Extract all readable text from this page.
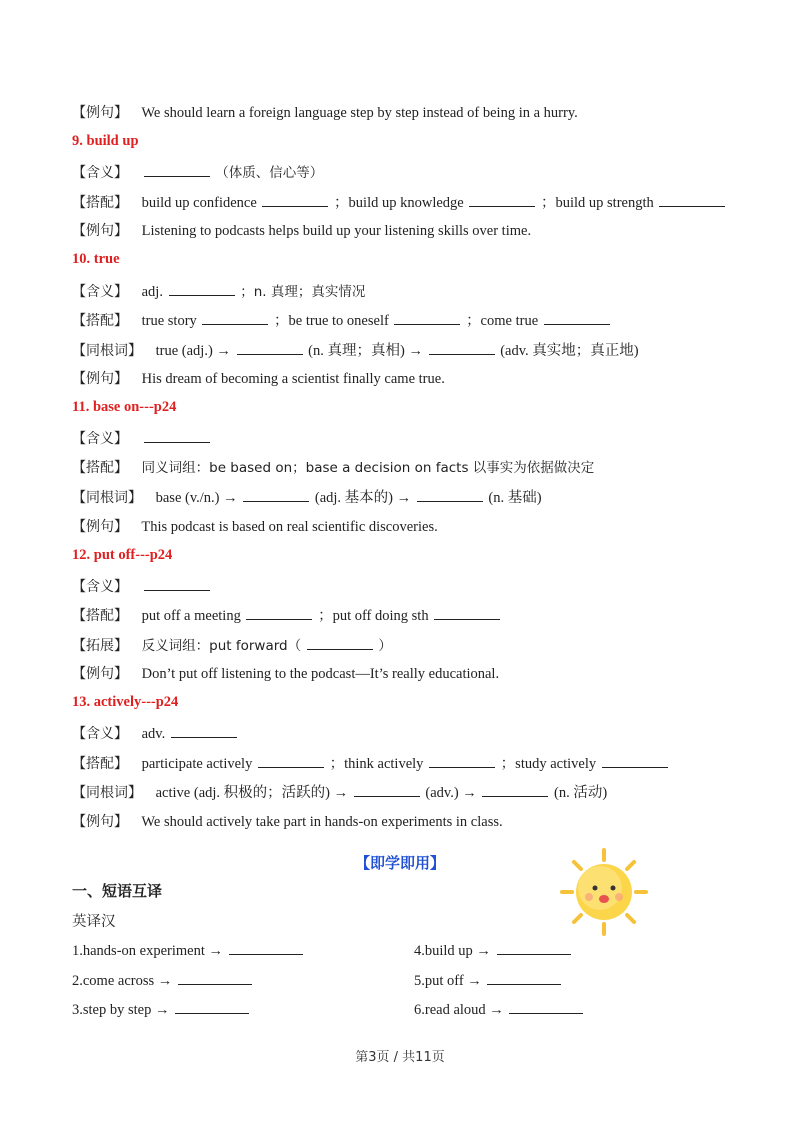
【例句】 We should learn a foreign language step by step instead of being in a hurry.
9. build up
【含义】	（体质、信心等）
【搭配】 build up confidence	；build up knowledge	；build up strength
【例句】 Listening to podcasts helps build up your listening skills over time.
10. true
【含义】 adj.	；n. 真理；真实情况
【搭配】 true story	；be true to oneself	；come true
【同根词】 true (adj.) →	(n. 真理；真相) →	(adv. 真实地；真正地)
【例句】 His dream of becoming a scientist finally came true.
11. base on---p24
【含义】
【搭配】 同义词组：be based on；base a decision on facts 以事实为依据做决定
【同根词】 base (v./n.) →	(adj. 基本的) →	(n. 基础)
【例句】 This podcast is based on real scientific discoveries.
12. put off---p24
【含义】
【搭配】 put off a meeting	；put off doing sth
【拓展】 反义词组：put forward（	）
【例句】 Don’t put off listening to the podcast—It’s really educational.
13. actively---p24
【含义】 adv.
【搭配】 participate actively	；think actively	；study actively
【同根词】 active (adj. 积极的；活跃的) →	(adv.) →	(n. 活动)
【例句】 We should actively take part in hands-on experiments in class.
【即学即用】
一、短语互译
英译汉
1.hands-on experiment →
2.come across →
3.step by step →
4.build up →
5.put off →
6.read aloud →
第3页 / 共11页
